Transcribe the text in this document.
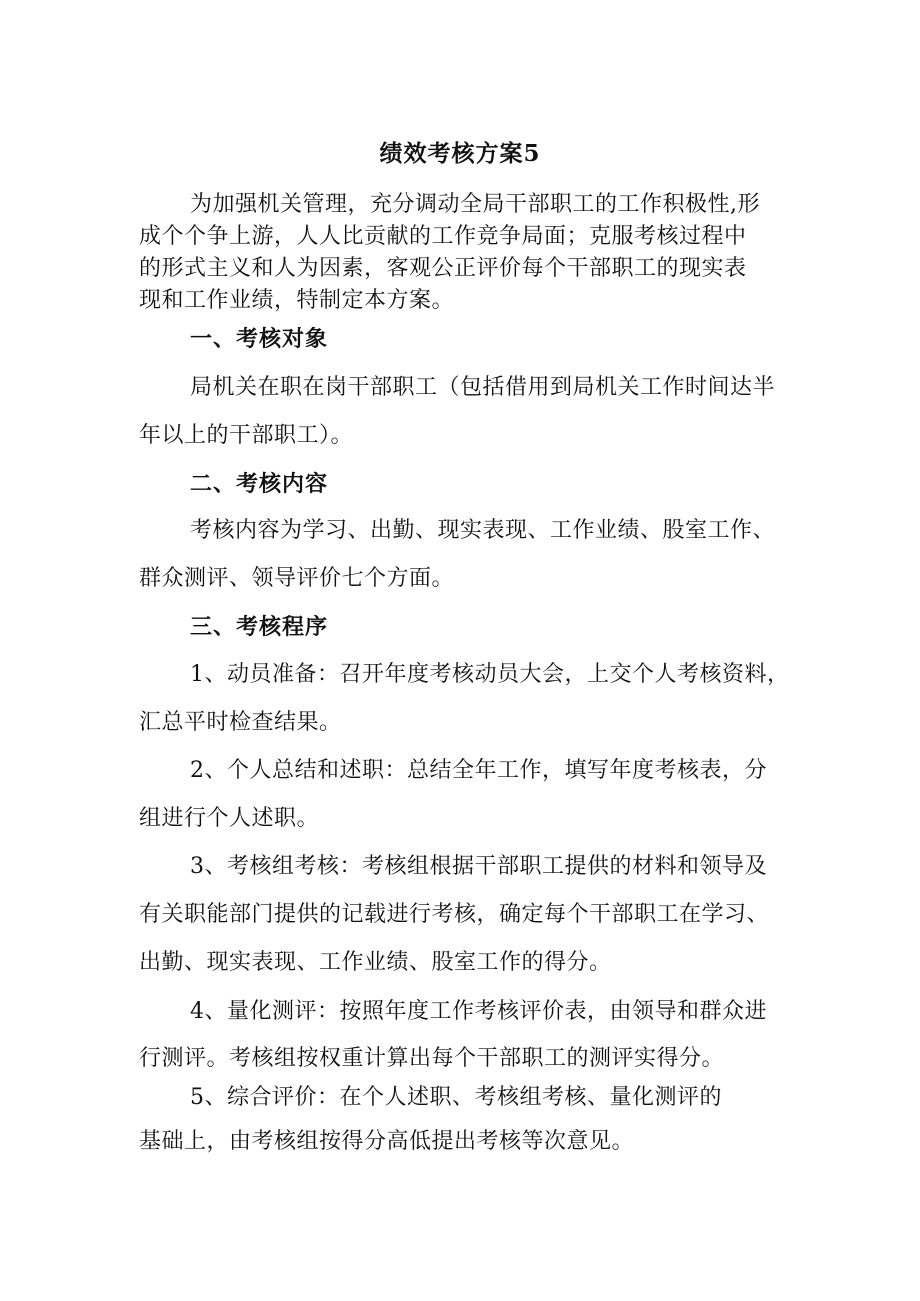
绩效考核方案5
为加强机关管理，充分调动全局干部职工的工作积极性,形
成个个争上游，人人比贡献的工作竞争局面；克服考核过程中
的形式主义和人为因素，客观公正评价每个干部职工的现实表
现和工作业绩，特制定本方案。
一、考核对象
局机关在职在岗干部职工（包括借用到局机关工作时间达半
年以上的干部职工）。
二、考核内容
考核内容为学习、出勤、现实表现、工作业绩、股室工作、
群众测评、领导评价七个方面。
三、考核程序
1、动员准备：召开年度考核动员大会，上交个人考核资料，
汇总平时检查结果。
2、个人总结和述职：总结全年工作，填写年度考核表，分
组进行个人述职。
3、考核组考核：考核组根据干部职工提供的材料和领导及
有关职能部门提供的记载进行考核，确定每个干部职工在学习、
出勤、现实表现、工作业绩、股室工作的得分。
4、量化测评：按照年度工作考核评价表，由领导和群众进
行测评。考核组按权重计算出每个干部职工的测评实得分。
5、综合评价：在个人述职、考核组考核、量化测评的
基础上，由考核组按得分高低提出考核等次意见。
